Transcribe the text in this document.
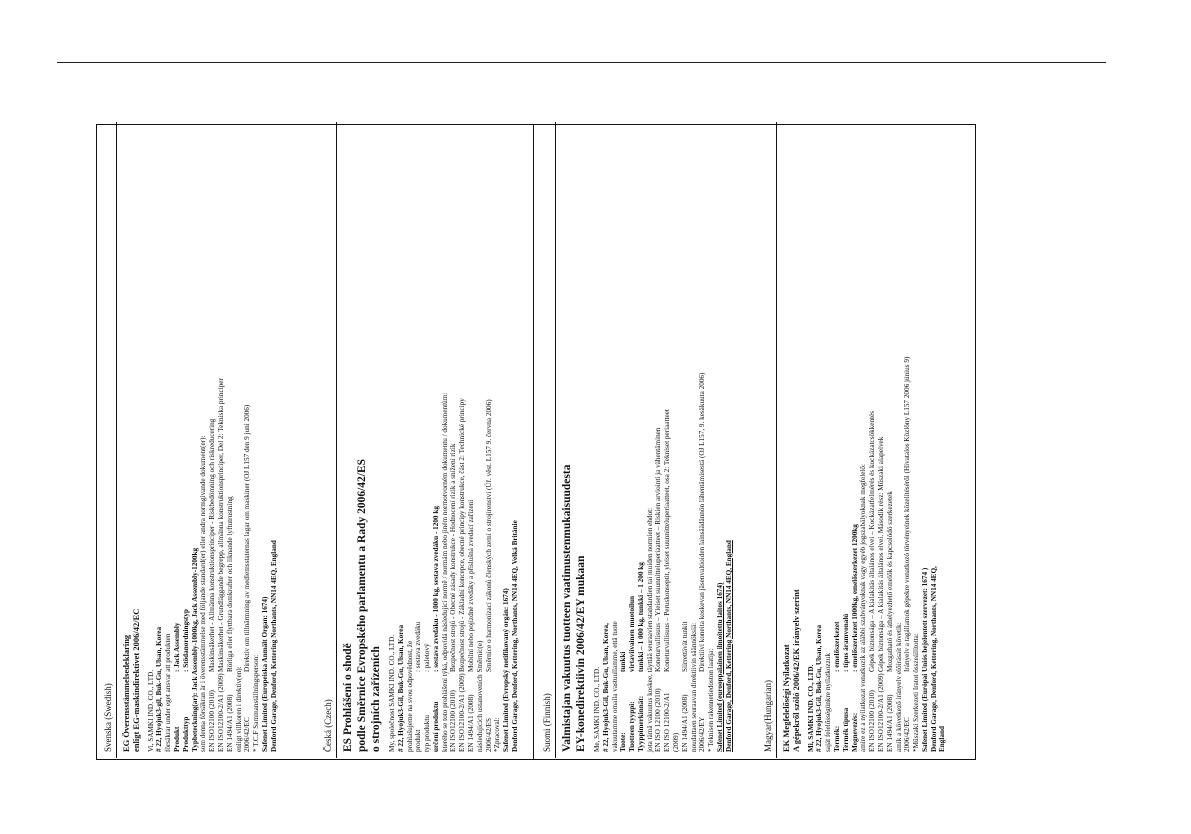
Svenska (Swedish) EG Överensstämmelsedeklaring enligt EG-maskindirektivet 2006/42/EC Vi, SAMKI IND. CO., LTD. # 22, Hyojuk3-gil, Buk-Gu, Ulsan, Korea försäkrar under eget ansvar att produkten Produkt
: Jack Assembly
Produkttyp
: Stödanordningstyp Typbeteckning(ar): Jack Assembly-1000kg, Jack Assembly-1200kg som denna försäkran är i överensstämmelse med följande standard(er) eller andra normgivande dokument(er): EN ISO12100 (2010)
Maskinsäkerhet - Allmänna konstruktionsprinciper - Riskbedömning och riskreducering
EN ISO12100-2/A1 (2009)
Maskinsäkerhet - Grundläggande begrepp, allmänna konstruktionsprinciper, Del 2: Tekniska principer
EN 1494/A1 (2008)
Rörliga eller flyttbara domkrafter och liknande lyftutrustning
enligt villkoren i direktiv(en): 2006/42/EC
Direktiv om tillnärmning av medlemsstaternas lagar om maskiner (OJ L157 den 9 juni 2006)
* T.C.F Sammanställningsperson: Safenet Limited (Europeiska Anmält Organ: 1674) Denford Garage, Denford, Kettering Northants, NN14 4EQ, England	Česká (Czech) ES Prohlášení o shodě podle Směrnice Evropského parlamentu a Rady 2006/42/ES o strojních zařízeních My, společnost SAMKI IND. CO., LTD. # 22, Hyojuk3-Gil, Buk-Gu, Ulsan, Korea prohlašujeme na svou odpovědnost, že produkt
: sestava zvedáku
typ produktu
: paletový
určení produktu
: sestava zvedáku - 1000 kg, sestava zvedáku - 1200 kg kterého se toto prohlášení týká, odpovídá následující normě / normám nebo jiném normotvorném dokumentu / dokumentům: EN ISO12100 (2010)
Bezpečnost strojů - Obecné zásady konstrukce - Hodnocení rizik a snížení rizik
EN ISO12100-2/A1 (2009)
Bezpečnost strojů - Základní koncepce, obecné principy konstrukce, část 2: Technické principy
EN 1494/A1 (2008)
Mobilní nebo pojízdné zvedáky a příslušná zvedací zařízení
následujících ustanoveních Směrnic(e) 2006/42/ES
Směrnice o harmonizaci zákonů členských zemí o strojírenství (Úř. věst. L157 9. června 2006)
*Zpracoval: Safenet Limited (Evropský notifikovaný orgán: 1674) Denford Garage, Denford, Kettering, Northants, NN14 4EQ, Velká Británie	Suomi (Finnish) Valmistajan vakuutus tuotteen vaatimustenmukaisuudesta EY-konedirektiivin 2006/42/EY mukaan Me, SAMKI IND. CO., LTD. # 22, Hyojuk3-Gil, Buk-Gu, Ulsan, Korea, vakuutamme omalla vastuullamme, että tuote Tuote:
tunkki
Tuotteen tyyppi:
virtaviivainen muotoilun
Tyyppimerkinnät:
tunkki – 1 000 kg, tunkki – 1 200 kg jota tämä vakuutus koskee, täyttää seuraavien standardien tai muiden normien ehdot: EN ISO 12100 (2010)
Koneturvallisuus – Yleiset suunnitteluperiaatteet – Riskien arviointi ja vähentäminen
EN ISO 12100-2/A1 (2009)
Koneturvallisuus – Peruskonseptit, yleiset suunnitteluperiaatteet, osa 2: Tekniset periaatteet
EN 1494/A1 (2008)
Siirrettävät tunkit noudattaen seuraavan direktiivin säännöksiä: 2006/42/EY
Direktiivi koneita koskevan jäsenvaltioiden lainsäädännön lähentämisestä (OJ L157, 9. kesäkuuta 2006)
* Teknisen rakennetiedoston laatija: Safenet Limited (eurooppalainen ilmoitettu laitos 1674) Denford Garage, Denford, Kettering Northants, NN14 4EQ, England	Magyar(Hungarian) EK Megfelelőségi Nyilatkozat A gépekről szóló 2006/42/EK irányelv szerint Mi, SAMKI IND. CO., LTD. # 22, Hyojuk3-Gil, Buk-Gu, Ulsan, Korea saját felelősségünkre nyilatkozzuk Termék:
: emelőszerkezet
Termék típusa
: típus áramvonalú
Megnevezés:
: emelőszerkezet 1000kg, emelőszerkezet 1200kg amire ez a nyilatkozat vonatkozik az alábbi szabványoknak vagy egyéb jogszabályoknak megfelelő: EN ISO12100 (2010)
Gépek biztonsága – A kialakítás általános elvei – Kockázatfelmérés és kockázatcsökkentés
EN ISO12100-2/A1 (2009)
Gépek biztonsága – A kialakítás általános elvei. Második rész: Műszaki alapelvek
EN 1494/A1 (2008)
Mozgatható és áthelyezhető emelők és kapcsolódó szerkezetek
amik a következő irányelv előírásait követik: 2006/42/EC
Irányelv a tagállamok gépekre vonatkozó törvényeinek közelítéséről (Hivatalos Közlöny L157 2006 június 9)
*Műszaki Szerkezeti Iratot összeállította: Safenet Limited (Európai Uniós bejelentett szervezet: 1674 ) Denford Garage, Denford, Kettering, Northants, NN14 4EQ, England
